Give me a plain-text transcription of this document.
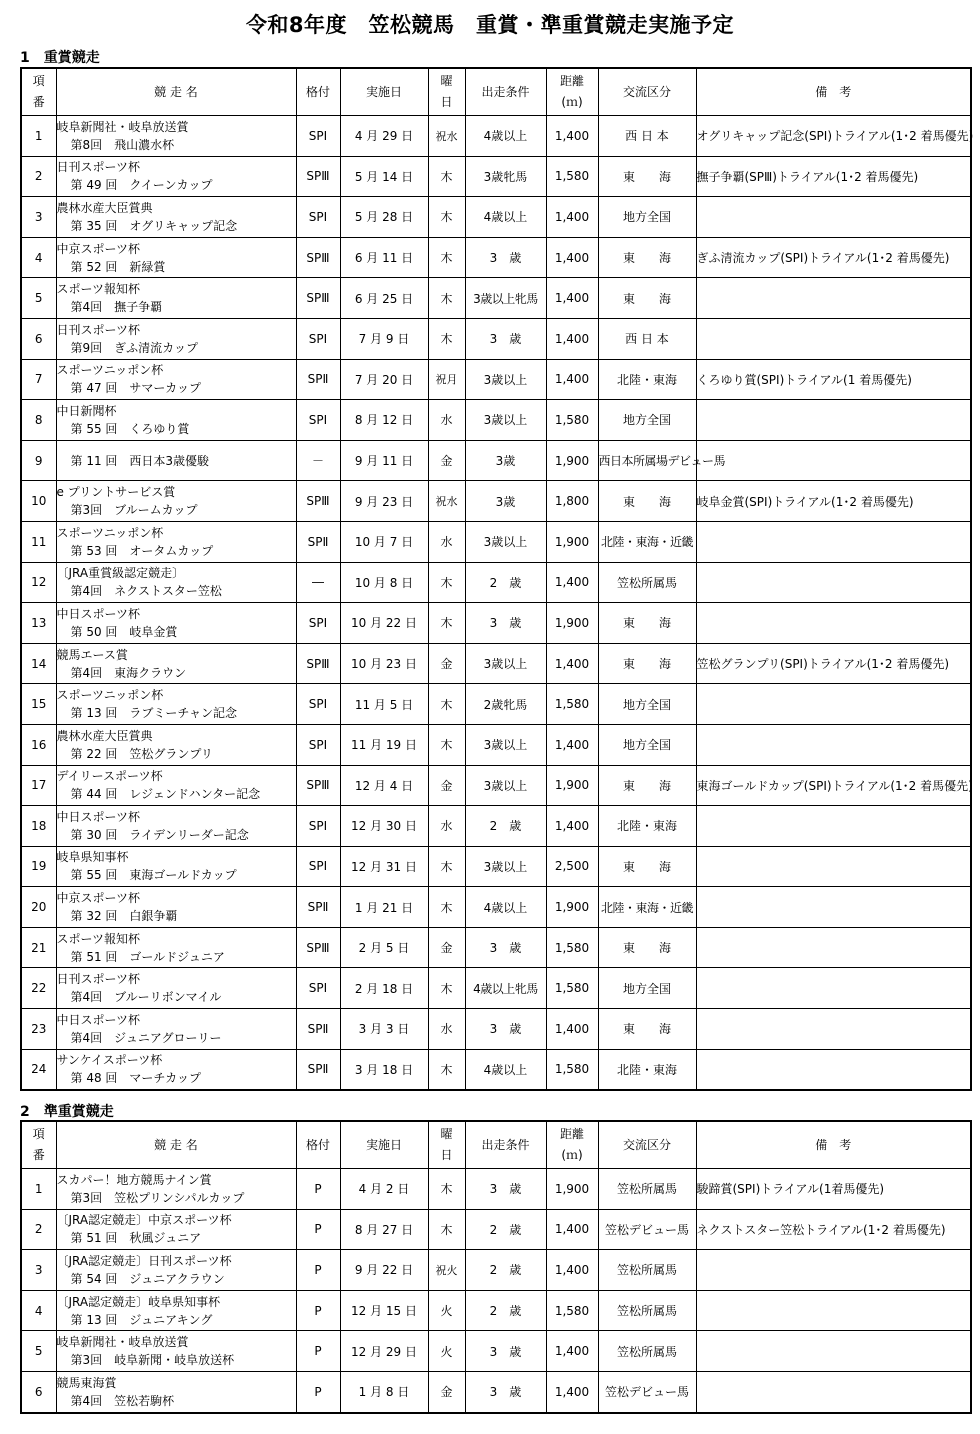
令和8年度　笠松競馬　重賞・準重賞競走実施予定
1　重賞競走
項
番	競 走 名	格付	実施日	曜
日	出走条件	距離
(ｍ)	交流区分	備　考
1	岐阜新聞社・岐阜放送賞
第8回　飛山濃水杯	SPⅠ	4 月 29 日	祝水	4歳以上	1,400	西 日 本	オグリキャップ記念(SPⅠ)トライアル(1･2 着馬優先)
2	日刊スポーツ杯
第 49 回　クイーンカップ	SPⅢ	5 月 14 日	木	3歳牝馬	1,580	東　　海	撫子争覇(SPⅢ)トライアル(1･2 着馬優先)
3	農林水産大臣賞典
第 35 回　オグリキャップ記念	SPⅠ	5 月 28 日	木	4歳以上	1,400	地方全国	
4	中京スポーツ杯
第 52 回　新緑賞	SPⅢ	6 月 11 日	木	3　歳	1,400	東　　海	ぎふ清流カップ(SPⅠ)トライアル(1･2 着馬優先)
5	スポーツ報知杯
第4回　撫子争覇	SPⅢ	6 月 25 日	木	3歳以上牝馬	1,400	東　　海	
6	日刊スポーツ杯
第9回　ぎふ清流カップ	SPⅠ	7 月 9 日	木	3　歳	1,400	西 日 本	
7	スポーツニッポン杯
第 47 回　サマーカップ	SPⅡ	7 月 20 日	祝月	3歳以上	1,400	北陸・東海	くろゆり賞(SPⅠ)トライアル(1 着馬優先)
8	中日新聞杯
第 55 回　くろゆり賞	SPⅠ	8 月 12 日	水	3歳以上	1,580	地方全国	
9	第 11 回　西日本3歳優駿	－	9 月 11 日	金	3歳	1,900	西日本所属場デビュー馬	
10	e プリントサービス賞
第3回　ブルームカップ	SPⅢ	9 月 23 日	祝水	3歳	1,800	東　　海	岐阜金賞(SPⅠ)トライアル(1･2 着馬優先)
11	スポーツニッポン杯
第 53 回　オータムカップ	SPⅡ	10 月 7 日	水	3歳以上	1,900	北陸・東海・近畿	
12	〔JRA重賞級認定競走〕
第4回　ネクストスター笠松	―	10 月 8 日	木	2　歳	1,400	笠松所属馬	
13	中日スポーツ杯
第 50 回　岐阜金賞	SPⅠ	10 月 22 日	木	3　歳	1,900	東　　海	
14	競馬エース賞
第4回　東海クラウン	SPⅢ	10 月 23 日	金	3歳以上	1,400	東　　海	笠松グランプリ(SPⅠ)トライアル(1･2 着馬優先)
15	スポーツニッポン杯
第 13 回　ラブミーチャン記念	SPⅠ	11 月 5 日	木	2歳牝馬	1,580	地方全国	
16	農林水産大臣賞典
第 22 回　笠松グランプリ	SPⅠ	11 月 19 日	木	3歳以上	1,400	地方全国	
17	デイリースポーツ杯
第 44 回　レジェンドハンター記念	SPⅢ	12 月 4 日	金	3歳以上	1,900	東　　海	東海ゴールドカップ(SPⅠ)トライアル(1･2 着馬優先)
18	中日スポーツ杯
第 30 回　ライデンリーダー記念	SPⅠ	12 月 30 日	水	2　歳	1,400	北陸・東海	
19	岐阜県知事杯
第 55 回　東海ゴールドカップ	SPⅠ	12 月 31 日	木	3歳以上	2,500	東　　海	
20	中京スポーツ杯
第 32 回　白銀争覇	SPⅡ	1 月 21 日	木	4歳以上	1,900	北陸・東海・近畿	
21	スポーツ報知杯
第 51 回　ゴールドジュニア	SPⅢ	2 月 5 日	金	3　歳	1,580	東　　海	
22	日刊スポーツ杯
第4回　ブルーリボンマイル	SPⅠ	2 月 18 日	木	4歳以上牝馬	1,580	地方全国	
23	中日スポーツ杯
第4回　ジュニアグローリー	SPⅡ	3 月 3 日	水	3　歳	1,400	東　　海	
24	サンケイスポーツ杯
第 48 回　マーチカップ	SPⅡ	3 月 18 日	木	4歳以上	1,580	北陸・東海	
2　準重賞競走
項
番	競 走 名	格付	実施日	曜
日	出走条件	距離
(ｍ)	交流区分	備　考
1	スカパー！地方競馬ナイン賞
第3回　笠松プリンシパルカップ	P	4 月 2 日	木	3　歳	1,900	笠松所属馬	駿蹄賞(SPⅠ)トライアル(1着馬優先)
2	〔JRA認定競走〕中京スポーツ杯
第 51 回　秋風ジュニア	P	8 月 27 日	木	2　歳	1,400	笠松デビュー馬	ネクストスター笠松トライアル(1･2 着馬優先)
3	〔JRA認定競走〕日刊スポーツ杯
第 54 回　ジュニアクラウン	P	9 月 22 日	祝火	2　歳	1,400	笠松所属馬	
4	〔JRA認定競走〕岐阜県知事杯
第 13 回　ジュニアキング	P	12 月 15 日	火	2　歳	1,580	笠松所属馬	
5	岐阜新聞社・岐阜放送賞
第3回　岐阜新聞・岐阜放送杯	P	12 月 29 日	火	3　歳	1,400	笠松所属馬	
6	競馬東海賞
第4回　笠松若駒杯	P	1 月 8 日	金	3　歳	1,400	笠松デビュー馬	
